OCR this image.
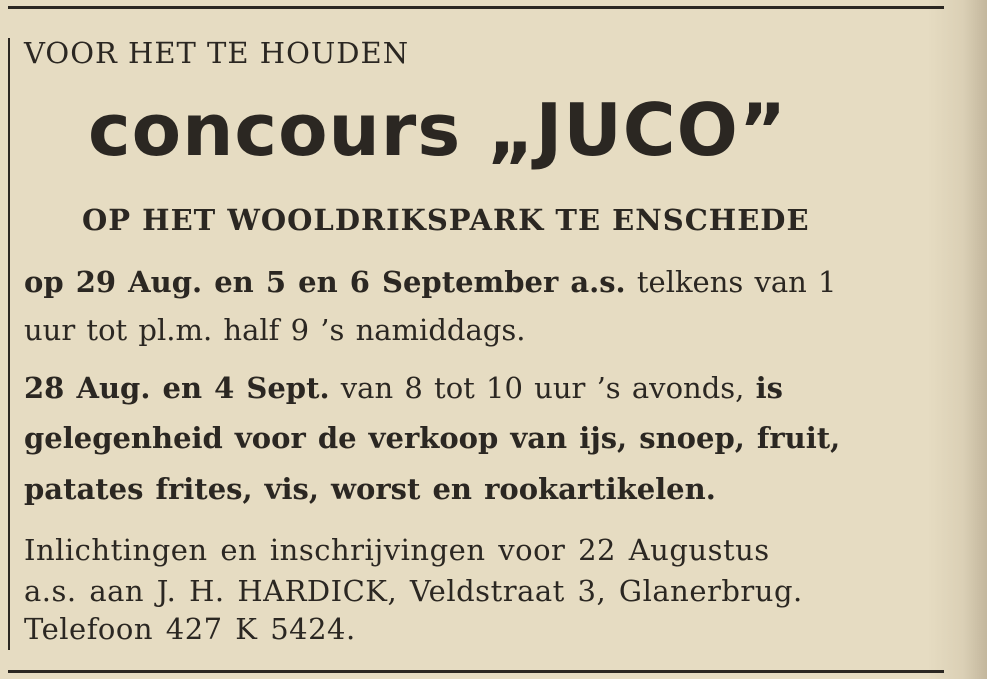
VOOR HET TE HOUDEN
concours „JUCO”
OP HET WOOLDRIKSPARK TE ENSCHEDE
op 29 Aug. en 5 en 6 September a.s. telkens van 1
uur tot pl.m. half 9 ’s namiddags.
28 Aug. en 4 Sept. van 8 tot 10 uur ’s avonds, is
gelegenheid voor de verkoop van ijs, snoep, fruit,
patates frites, vis, worst en rookartikelen.
Inlichtingen en inschrijvingen voor 22 Augustus
a.s. aan J. H. HARDICK, Veldstraat 3, Glanerbrug.
Telefoon 427 K 5424.
